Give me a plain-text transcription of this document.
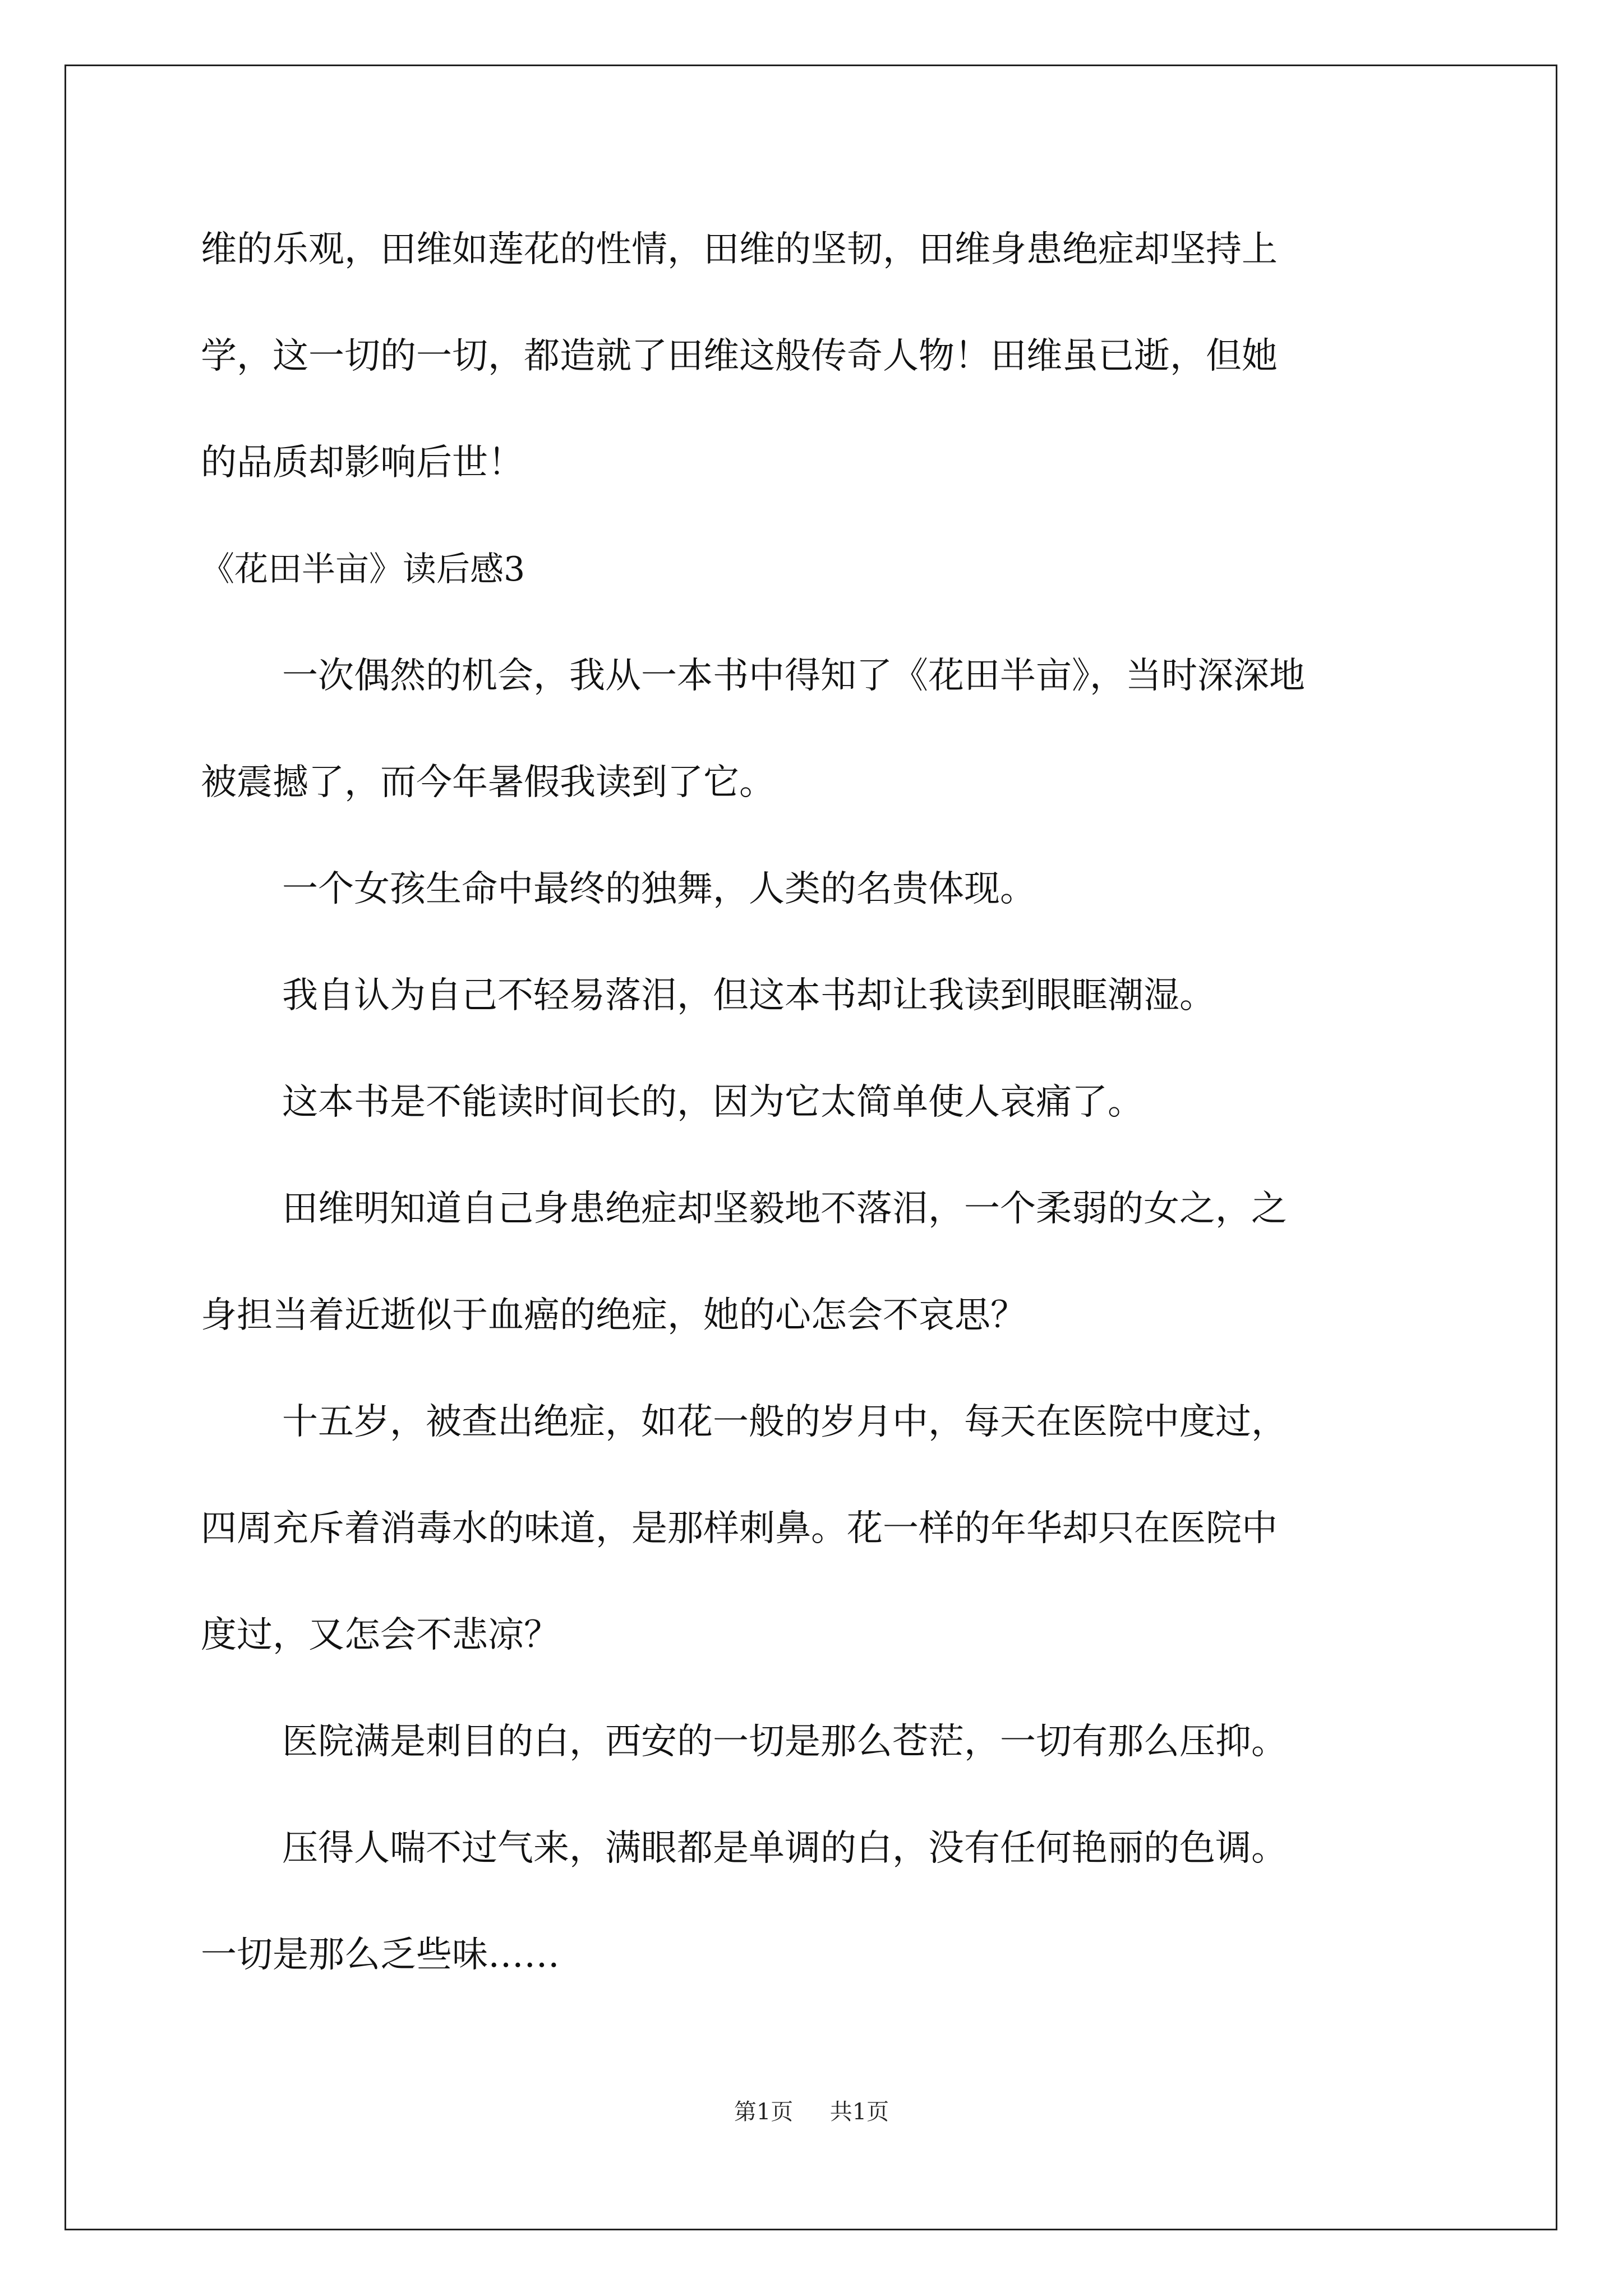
维的乐观，田维如莲花的性情，田维的坚韧，田维身患绝症却坚持上

学，这一切的一切，都造就了田维这般传奇人物！田维虽已逝，但她

的品质却影响后世！

《花田半亩》读后感3

一次偶然的机会，我从一本书中得知了《花田半亩》，当时深深地

被震撼了，而今年暑假我读到了它。

一个女孩生命中最终的独舞，人类的名贵体现。

我自认为自己不轻易落泪，但这本书却让我读到眼眶潮湿。

这本书是不能读时间长的，因为它太简单使人哀痛了。

田维明知道自己身患绝症却坚毅地不落泪，一个柔弱的女之，之

身担当着近逝似于血癌的绝症，她的心怎会不哀思？

十五岁，被查出绝症，如花一般的岁月中，每天在医院中度过，

四周充斥着消毒水的味道，是那样刺鼻。花一样的年华却只在医院中

度过，又怎会不悲凉？

医院满是刺目的白，西安的一切是那么苍茫，一切有那么压抑。

压得人喘不过气来，满眼都是单调的白，没有任何艳丽的色调。

一切是那么乏些味……

第1页 共1页
